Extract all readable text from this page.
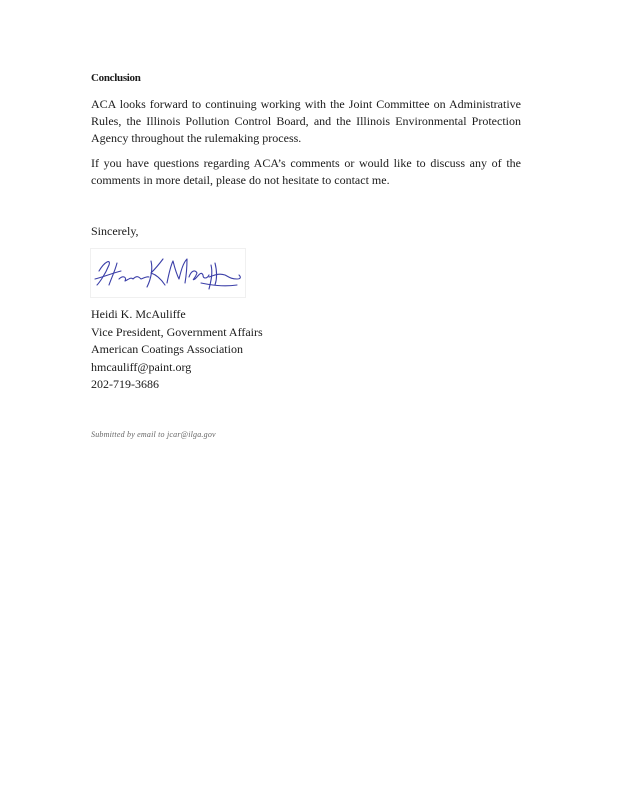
Conclusion

ACA looks forward to continuing working with the Joint Committee on Administrative Rules, the Illinois Pollution Control Board, and the Illinois Environmental Protection Agency throughout the rulemaking process.

If you have questions regarding ACA’s comments or would like to discuss any of the comments in more detail, please do not hesitate to contact me.

Sincerely,
Heidi K. McAuliffe
Vice President, Government Affairs
American Coatings Association
hmcauliff@paint.org
202-719-3686
Submitted by email to jcar@ilga.gov
